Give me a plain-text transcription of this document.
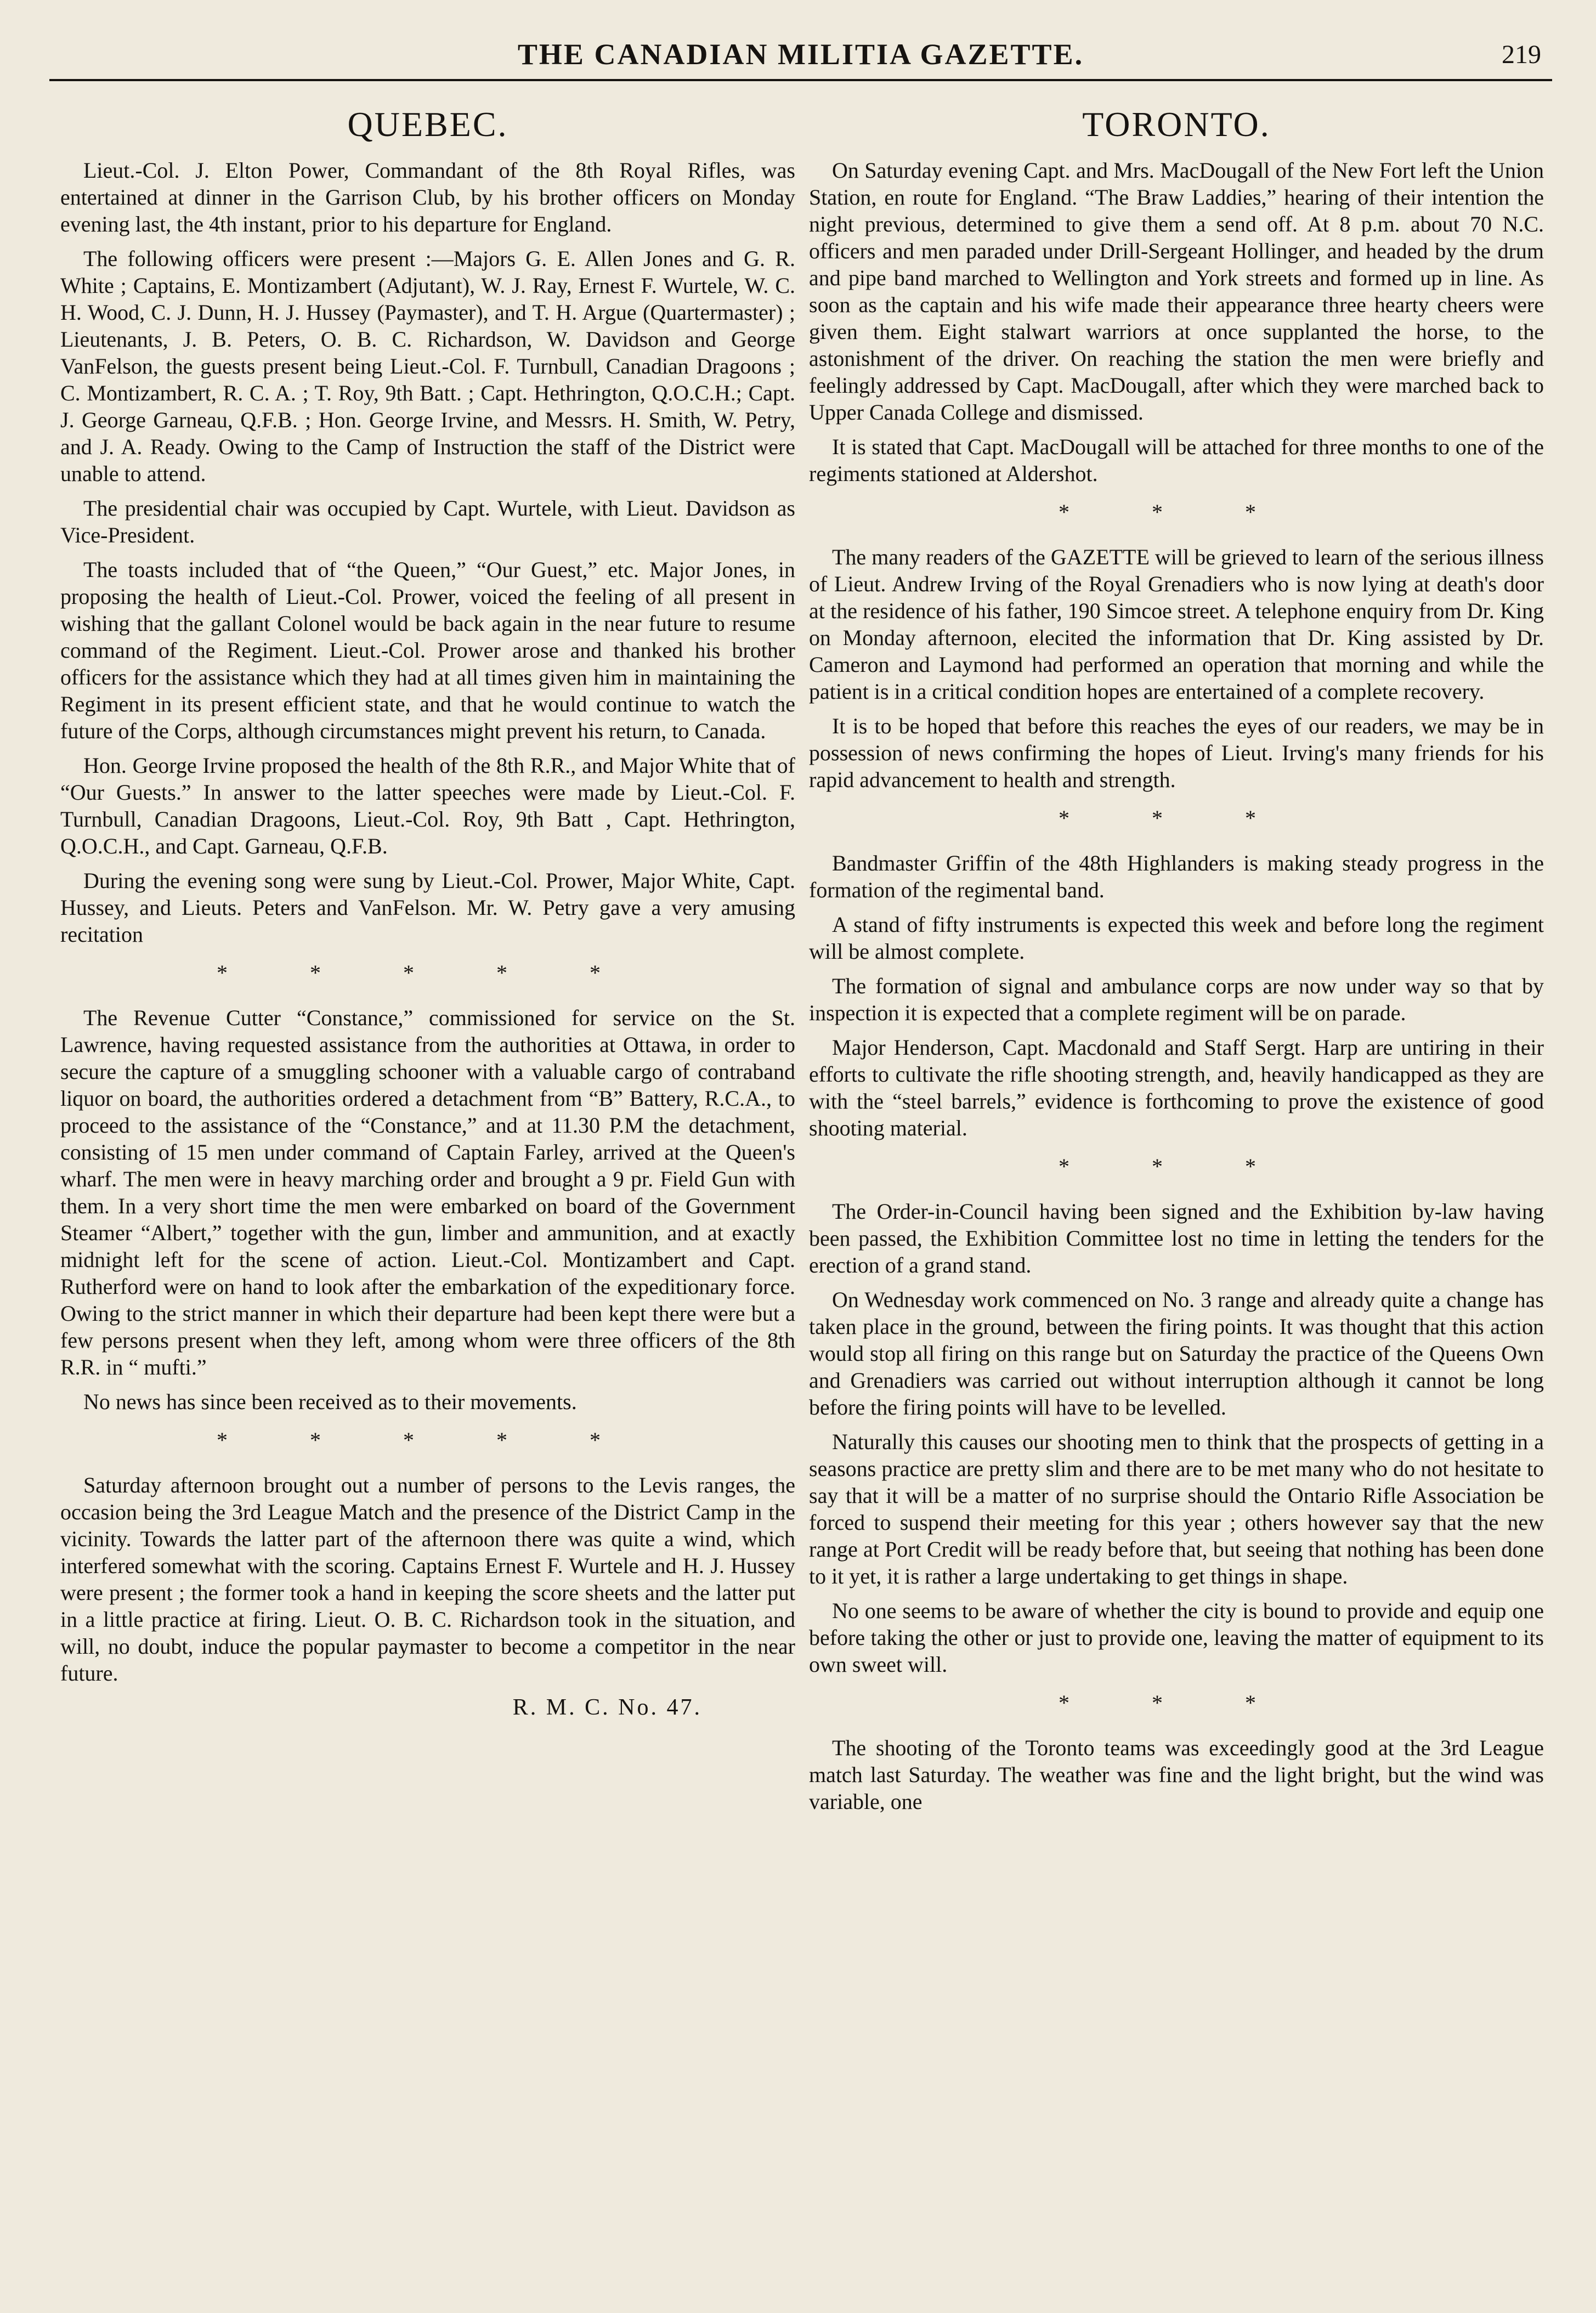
THE CANADIAN MILITIA GAZETTE.	219
QUEBEC.

Lieut.-Col. J. Elton Power, Commandant of the 8th Royal Rifles, was entertained at dinner in the Garrison Club, by his brother officers on Monday evening last, the 4th instant, prior to his departure for England.

The following officers were present :—Majors G. E. Allen Jones and G. R. White ; Captains, E. Montizambert (Adjutant), W. J. Ray, Ernest F. Wurtele, W. C. H. Wood, C. J. Dunn, H. J. Hussey (Paymaster), and T. H. Argue (Quartermaster) ; Lieutenants, J. B. Peters, O. B. C. Richardson, W. Davidson and George VanFelson, the guests present being Lieut.-Col. F. Turnbull, Canadian Dragoons ; C. Montizambert, R. C. A. ; T. Roy, 9th Batt. ; Capt. Hethrington, Q.O.C.H.; Capt. J. George Garneau, Q.F.B. ; Hon. George Irvine, and Messrs. H. Smith, W. Petry, and J. A. Ready. Owing to the Camp of Instruction the staff of the District were unable to attend.

The presidential chair was occupied by Capt. Wurtele, with Lieut. Davidson as Vice-President.

The toasts included that of “the Queen,” “Our Guest,” etc. Major Jones, in proposing the health of Lieut.-Col. Prower, voiced the feeling of all present in wishing that the gallant Colonel would be back again in the near future to resume command of the Regiment. Lieut.-Col. Prower arose and thanked his brother officers for the assistance which they had at all times given him in maintaining the Regiment in its present efficient state, and that he would continue to watch the future of the Corps, although circumstances might prevent his return, to Canada.

Hon. George Irvine proposed the health of the 8th R.R., and Major White that of “Our Guests.” In answer to the latter speeches were made by Lieut.-Col. F. Turnbull, Canadian Dragoons, Lieut.-Col. Roy, 9th Batt , Capt. Hethrington, Q.O.C.H., and Capt. Garneau, Q.F.B.

During the evening song were sung by Lieut.-Col. Prower, Major White, Capt. Hussey, and Lieuts. Peters and VanFelson. Mr. W. Petry gave a very amusing recitation

* * * * *

The Revenue Cutter “Constance,” commissioned for service on the St. Lawrence, having requested assistance from the authorities at Ottawa, in order to secure the capture of a smuggling schooner with a valuable cargo of contraband liquor on board, the authorities ordered a detachment from “B” Battery, R.C.A., to proceed to the assistance of the “Constance,” and at 11.30 P.M the detachment, consisting of 15 men under command of Captain Farley, arrived at the Queen's wharf. The men were in heavy marching order and brought a 9 pr. Field Gun with them. In a very short time the men were embarked on board of the Government Steamer “Albert,” together with the gun, limber and ammunition, and at exactly midnight left for the scene of action. Lieut.-Col. Montizambert and Capt. Rutherford were on hand to look after the embarkation of the expeditionary force. Owing to the strict manner in which their departure had been kept there were but a few persons present when they left, among whom were three officers of the 8th R.R. in “ mufti.”

No news has since been received as to their movements.

* * * * *

Saturday afternoon brought out a number of persons to the Levis ranges, the occasion being the 3rd League Match and the presence of the District Camp in the vicinity. Towards the latter part of the afternoon there was quite a wind, which interfered somewhat with the scoring. Captains Ernest F. Wurtele and H. J. Hussey were present ; the former took a hand in keeping the score sheets and the latter put in a little practice at firing. Lieut. O. B. C. Richardson took in the situation, and will, no doubt, induce the popular paymaster to become a competitor in the near future.

R. M. C. No. 47.
TORONTO.

On Saturday evening Capt. and Mrs. MacDougall of the New Fort left the Union Station, en route for England. “The Braw Laddies,” hearing of their intention the night previous, determined to give them a send off. At 8 p.m. about 70 N.C. officers and men paraded under Drill-Sergeant Hollinger, and headed by the drum and pipe band marched to Wellington and York streets and formed up in line. As soon as the captain and his wife made their appearance three hearty cheers were given them. Eight stalwart warriors at once supplanted the horse, to the astonishment of the driver. On reaching the station the men were briefly and feelingly addressed by Capt. MacDougall, after which they were marched back to Upper Canada College and dismissed.

It is stated that Capt. MacDougall will be attached for three months to one of the regiments stationed at Aldershot.

* * *

The many readers of the GAZETTE will be grieved to learn of the serious illness of Lieut. Andrew Irving of the Royal Grenadiers who is now lying at death's door at the residence of his father, 190 Simcoe street. A telephone enquiry from Dr. King on Monday afternoon, elecited the information that Dr. King assisted by Dr. Cameron and Laymond had performed an operation that morning and while the patient is in a critical condition hopes are entertained of a complete recovery.

It is to be hoped that before this reaches the eyes of our readers, we may be in possession of news confirming the hopes of Lieut. Irving's many friends for his rapid advancement to health and strength.

* * *

Bandmaster Griffin of the 48th Highlanders is making steady progress in the formation of the regimental band.

A stand of fifty instruments is expected this week and before long the regiment will be almost complete.

The formation of signal and ambulance corps are now under way so that by inspection it is expected that a complete regiment will be on parade.

Major Henderson, Capt. Macdonald and Staff Sergt. Harp are untiring in their efforts to cultivate the rifle shooting strength, and, heavily handicapped as they are with the “steel barrels,” evidence is forthcoming to prove the existence of good shooting material.

* * *

The Order-in-Council having been signed and the Exhibition by-law having been passed, the Exhibition Committee lost no time in letting the tenders for the erection of a grand stand.

On Wednesday work commenced on No. 3 range and already quite a change has taken place in the ground, between the firing points. It was thought that this action would stop all firing on this range but on Saturday the practice of the Queens Own and Grenadiers was carried out without interruption although it cannot be long before the firing points will have to be levelled.

Naturally this causes our shooting men to think that the prospects of getting in a seasons practice are pretty slim and there are to be met many who do not hesitate to say that it will be a matter of no surprise should the Ontario Rifle Association be forced to suspend their meeting for this year ; others however say that the new range at Port Credit will be ready before that, but seeing that nothing has been done to it yet, it is rather a large undertaking to get things in shape.

No one seems to be aware of whether the city is bound to provide and equip one before taking the other or just to provide one, leaving the matter of equipment to its own sweet will.

* * *

The shooting of the Toronto teams was exceedingly good at the 3rd League match last Saturday. The weather was fine and the light bright, but the wind was variable, one
